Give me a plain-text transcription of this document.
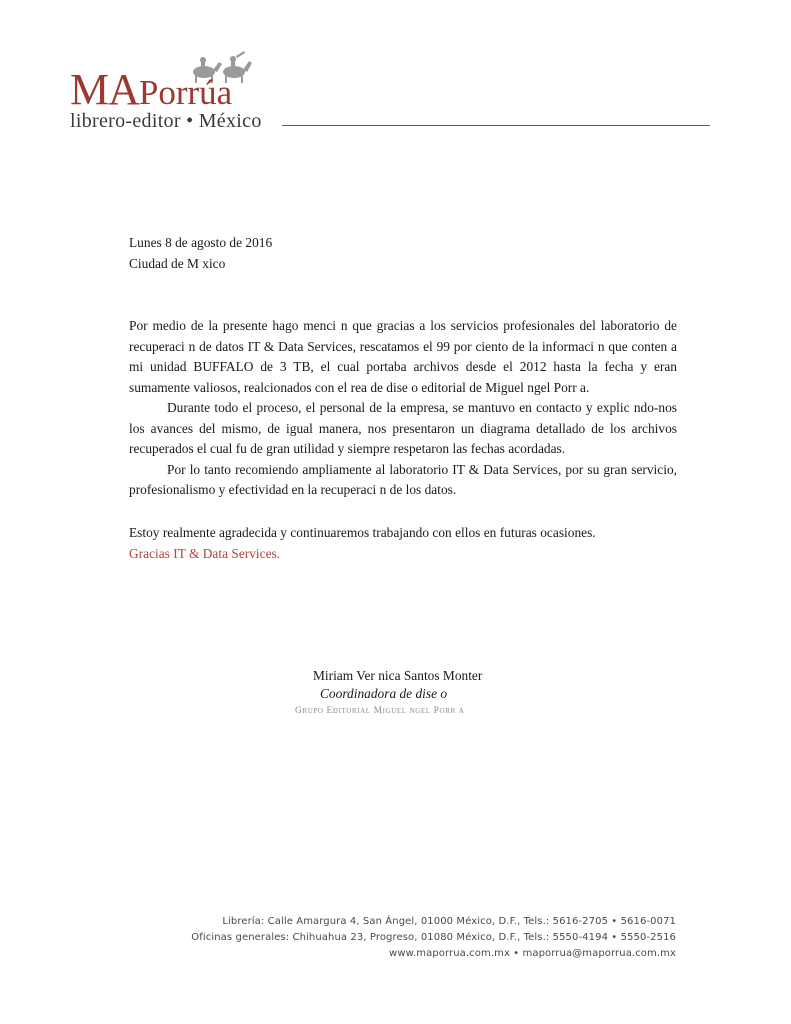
MAPorrúa
librero-editor • México
Lunes 8 de agosto de 2016
Ciudad de M xico

Por medio de la presente hago menci n que gracias a los servicios profesionales del laboratorio de recuperaci n de datos IT & Data Services, rescatamos el 99 por ciento de la informaci n que conten a mi unidad BUFFALO de 3 TB, el cual portaba archivos desde el 2012 hasta la fecha y eran sumamente valiosos, realcionados con el rea de dise o editorial de Miguel ngel Porr a.

Durante todo el proceso, el personal de la empresa, se mantuvo en contacto y explic ndo-nos los avances del mismo, de igual manera, nos presentaron un diagrama detallado de los archivos recuperados el cual fu de gran utilidad y siempre respetaron las fechas acordadas.

Por lo tanto recomiendo ampliamente al laboratorio IT & Data Services, por su gran servicio, profesionalismo y efectividad en la recuperaci n de los datos.

Estoy realmente agradecida y continuaremos trabajando con ellos en futuras ocasiones.
Gracias IT & Data Services.
Miriam Ver nica Santos Monter
Coordinadora de dise o
Grupo Editorial Miguel ngel Porr a
Librería: Calle Amargura 4, San Ángel, 01000 México, D.F., Tels.: 5616-2705 • 5616-0071
Oficinas generales: Chihuahua 23, Progreso, 01080 México, D.F., Tels.: 5550-4194 • 5550-2516
www.maporrua.com.mx • maporrua@maporrua.com.mx
